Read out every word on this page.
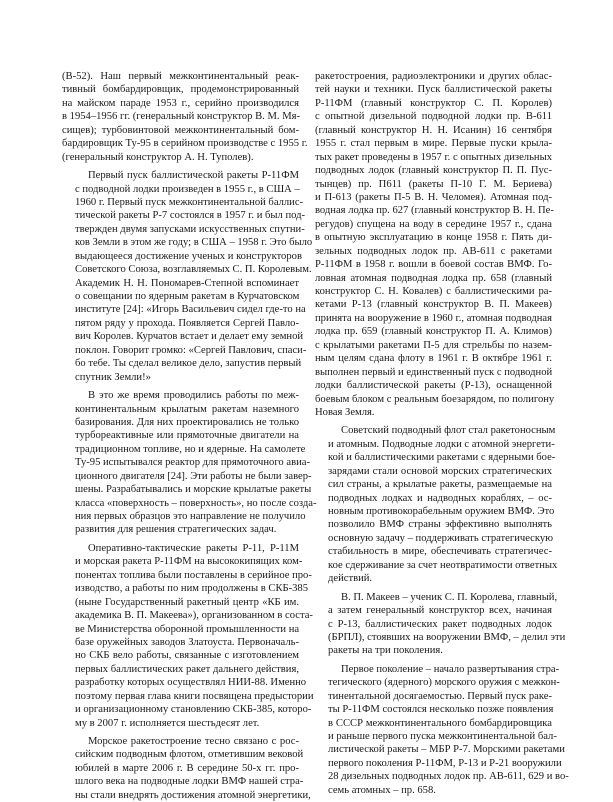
(В-52). Наш первый межконтинентальный реак-
тивный бомбардировщик, продемонстрированный
на майском параде 1953 г., серийно производился
в 1954–1956 гг. (генеральный конструктор В. М. Мя-
сищев); турбовинтовой межконтинентальный бом-
бардировщик Ту-95 в серийном производстве с 1955 г.
(генеральный конструктор А. Н. Туполев).
Первый пуск баллистической ракеты Р-11ФМ
с подводной лодки произведен в 1955 г., в США –
1960 г. Первый пуск межконтинентальной баллис-
тической ракеты Р-7 состоялся в 1957 г. и был под-
твержден двумя запусками искусственных спутни-
ков Земли в этом же году; в США – 1958 г. Это было
выдающееся достижение ученых и конструкторов
Советского Союза, возглавляемых С. П. Королевым.
Академик Н. Н. Пономарев-Степной вспоминает
о совещании по ядерным ракетам в Курчатовском
институте [24]: «Игорь Васильевич сидел где-то на
пятом ряду у прохода. Появляется Сергей Павло-
вич Королев. Курчатов встает и делает ему земной
поклон. Говорит громко: «Сергей Павлович, спаси-
бо тебе. Ты сделал великое дело, запустив первый
спутник Земли!»
В это же время проводились работы по меж-
континентальным крылатым ракетам наземного
базирования. Для них проектировались не только
турбореактивные или прямоточные двигатели на
традиционном топливе, но и ядерные. На самолете
Ту-95 испытывался реактор для прямоточного авиа-
ционного двигателя [24]. Эти работы не были завер-
шены. Разрабатывались и морские крылатые ракеты
класса «поверхность – поверхность», но после созда-
ния первых образцов это направление не получило
развития для решения стратегических задач.
Оперативно-тактические ракеты Р-11, Р-11М
и морская ракета Р-11ФМ на высококипящих ком-
понентах топлива были поставлены в серийное про-
изводство, а работы по ним продолжены в СКБ-385
(ныне Государственный ракетный центр «КБ им.
академика В. П. Макеева»), организованном в соста-
ве Министерства оборонной промышленности на
базе оружейных заводов Златоуста. Первоначаль-
но СКБ вело работы, связанные с изготовлением
первых баллистических ракет дальнего действия,
разработку которых осуществлял НИИ-88. Именно
поэтому первая глава книги посвящена предыстории
и организационному становлению СКБ-385, которо-
му в 2007 г. исполняется шестьдесят лет.
Морское ракетостроение тесно связано с рос-
сийским подводным флотом, отметившим вековой
юбилей в марте 2006 г. В середине 50-х гг. про-
шлого века на подводные лодки ВМФ нашей стра-
ны стали внедрять достижения атомной энергетики,
ракетостроения, радиоэлектроники и других облас-
тей науки и техники. Пуск баллистической ракеты
Р-11ФМ (главный конструктор С. П. Королев)
с опытной дизельной подводной лодки пр. В-611
(главный конструктор Н. Н. Исанин) 16 сентября
1955 г. стал первым в мире. Первые пуски крыла-
тых ракет проведены в 1957 г. с опытных дизельных
подводных лодок (главный конструктор П. П. Пус-
тынцев) пр. П611 (ракеты П-10 Г. М. Бериева)
и П-613 (ракеты П-5 В. Н. Челомея). Атомная под-
водная лодка пр. 627 (главный конструктор В. Н. Пе-
регудов) спущена на воду в середине 1957 г., сдана
в опытную эксплуатацию в конце 1958 г. Пять ди-
зельных подводных лодок пр. АВ-611 с ракетами
Р-11ФМ в 1958 г. вошли в боевой состав ВМФ. Го-
ловная атомная подводная лодка пр. 658 (главный
конструктор С. Н. Ковалев) с баллистическими ра-
кетами Р-13 (главный конструктор В. П. Макеев)
принята на вооружение в 1960 г., атомная подводная
лодка пр. 659 (главный конструктор П. А. Климов)
с крылатыми ракетами П-5 для стрельбы по назем-
ным целям сдана флоту в 1961 г. В октябре 1961 г.
выполнен первый и единственный пуск с подводной
лодки баллистической ракеты (Р-13), оснащенной
боевым блоком с реальным боезарядом, по полигону
Новая Земля.
Советский подводный флот стал ракетоносным
и атомным. Подводные лодки с атомной энергети-
кой и баллистическими ракетами с ядерными бое-
зарядами стали основой морских стратегических
сил страны, а крылатые ракеты, размещаемые на
подводных лодках и надводных кораблях, – ос-
новным противокорабельным оружием ВМФ. Это
позволило ВМФ страны эффективно выполнять
основную задачу – поддерживать стратегическую
стабильность в мире, обеспечивать стратегичес-
кое сдерживание за счет неотвратимости ответных
действий.
В. П. Макеев – ученик С. П. Королева, главный,
а затем генеральный конструктор всех, начиная
с Р-13, баллистических ракет подводных лодок
(БРПЛ), стоявших на вооружении ВМФ, – делил эти
ракеты на три поколения.
Первое поколение – начало развертывания стра-
тегического (ядерного) морского оружия с межкон-
тинентальной досягаемостью. Первый пуск раке-
ты Р-11ФМ состоялся несколько позже появления
в СССР межконтинентального бомбардировщика
и раньше первого пуска межконтинентальной бал-
листической ракеты – МБР Р-7. Морскими ракетами
первого поколения Р-11ФМ, Р-13 и Р-21 вооружили
28 дизельных подводных лодок пр. АВ-611, 629 и во-
семь атомных – пр. 658.
